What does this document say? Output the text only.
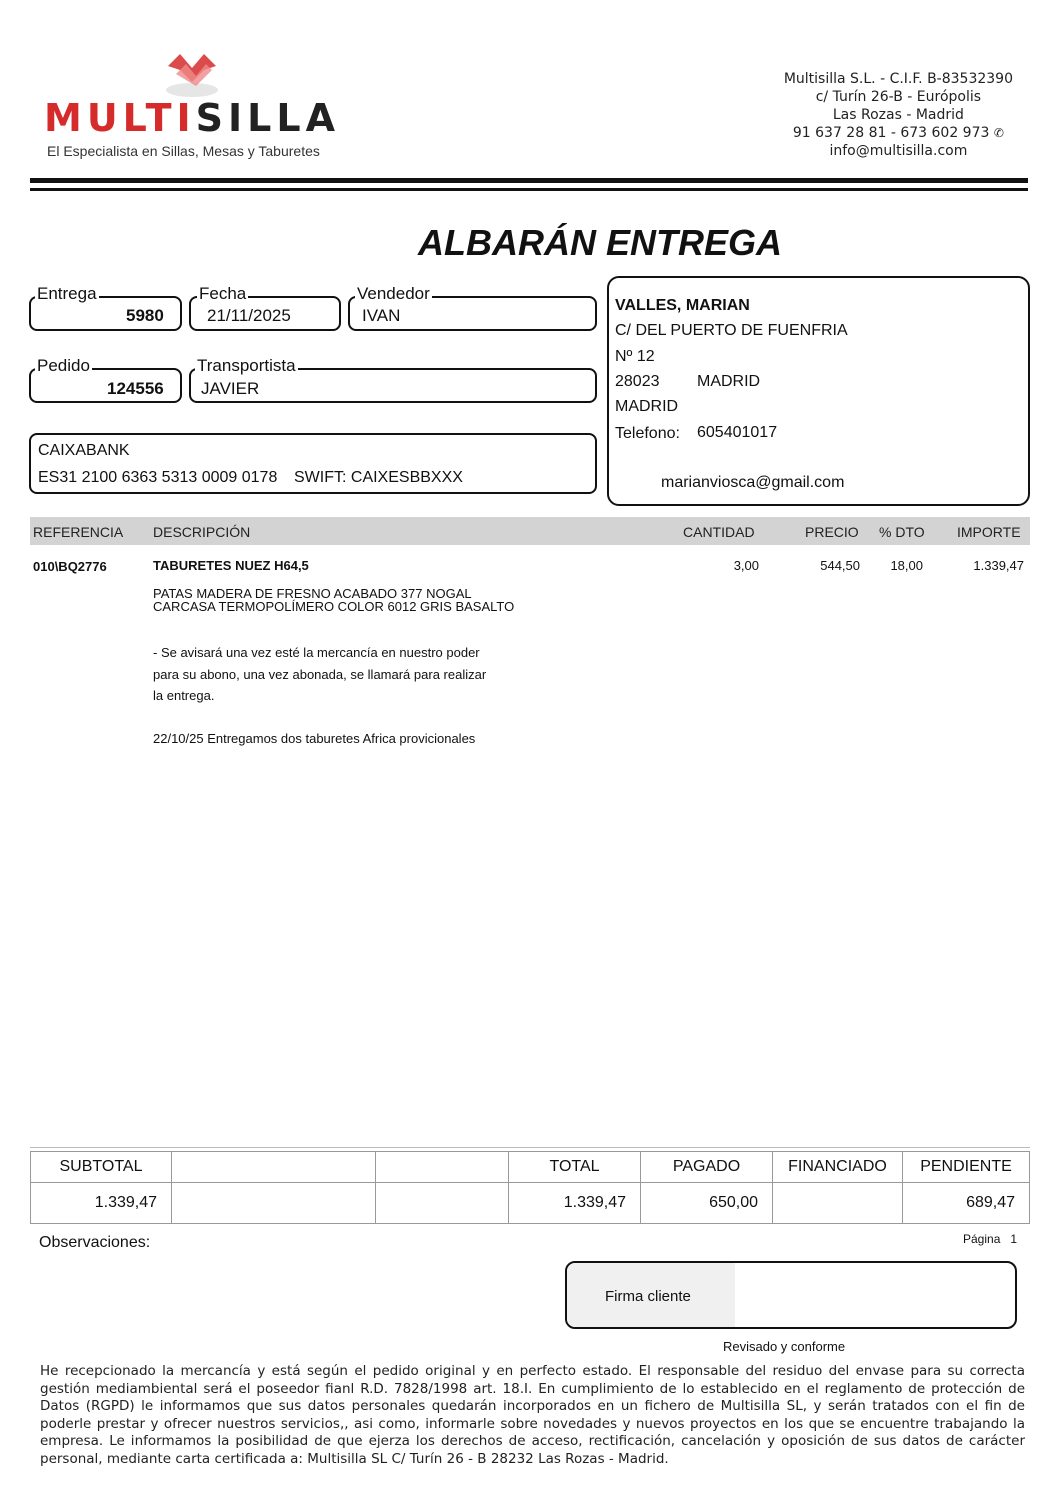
MULTISILLA
El Especialista en Sillas, Mesas y Taburetes
Multisilla S.L. - C.I.F. B-83532390
c/ Turín 26-B - Európolis
Las Rozas - Madrid
91 637 28 81 - 673 602 973 ✆
info@multisilla.com
ALBARÁN ENTREGA
Entrega
5980
Fecha
21/11/2025
Vendedor
IVAN
Pedido
124556
Transportista
JAVIER
CAIXABANK
ES31 2100 6363 5313 0009 0178 SWIFT: CAIXESBBXXX
VALLES, MARIAN
C/ DEL PUERTO DE FUENFRIA
Nº 12
28023 MADRID
MADRID
Telefono: 605401017
marianviosca@gmail.com
REFERENCIA DESCRIPCIÓN	CANTIDAD	PRECIO % DTO IMPORTE
010\BQ2776	TABURETES NUEZ H64,5	3,00	544,50 18,00	1.339,47
PATAS MADERA DE FRESNO ACABADO 377 NOGAL
CARCASA TERMOPOLÍMERO COLOR 6012 GRIS BASALTO
- Se avisará una vez esté la mercancía en nuestro poder
para su abono, una vez abonada, se llamará para realizar
la entrega.
22/10/25 Entregamos dos taburetes Africa provicionales
SUBTOTAL			TOTAL	PAGADO	FINANCIADO	PENDIENTE
1.339,47			1.339,47	650,00		689,47
Observaciones:	Página 1
Firma cliente
Revisado y conforme
He recepcionado la mercancía y está según el pedido original y en perfecto estado. El responsable del residuo del envase para su correcta gestión mediambiental será el poseedor fianl R.D. 7828/1998 art. 18.I. En cumplimiento de lo establecido en el reglamento de protección de Datos (RGPD) le informamos que sus datos personales quedarán incorporados en un fichero de Multisilla SL, y serán tratados con el fin de poderle prestar y ofrecer nuestros servicios,, asi como, informarle sobre novedades y nuevos proyectos en los que se encuentre trabajando la empresa. Le informamos la posibilidad de que ejerza los derechos de acceso, rectificación, cancelación y oposición de sus datos de carácter personal, mediante carta certificada a: Multisilla SL C/ Turín 26 - B 28232 Las Rozas - Madrid.
